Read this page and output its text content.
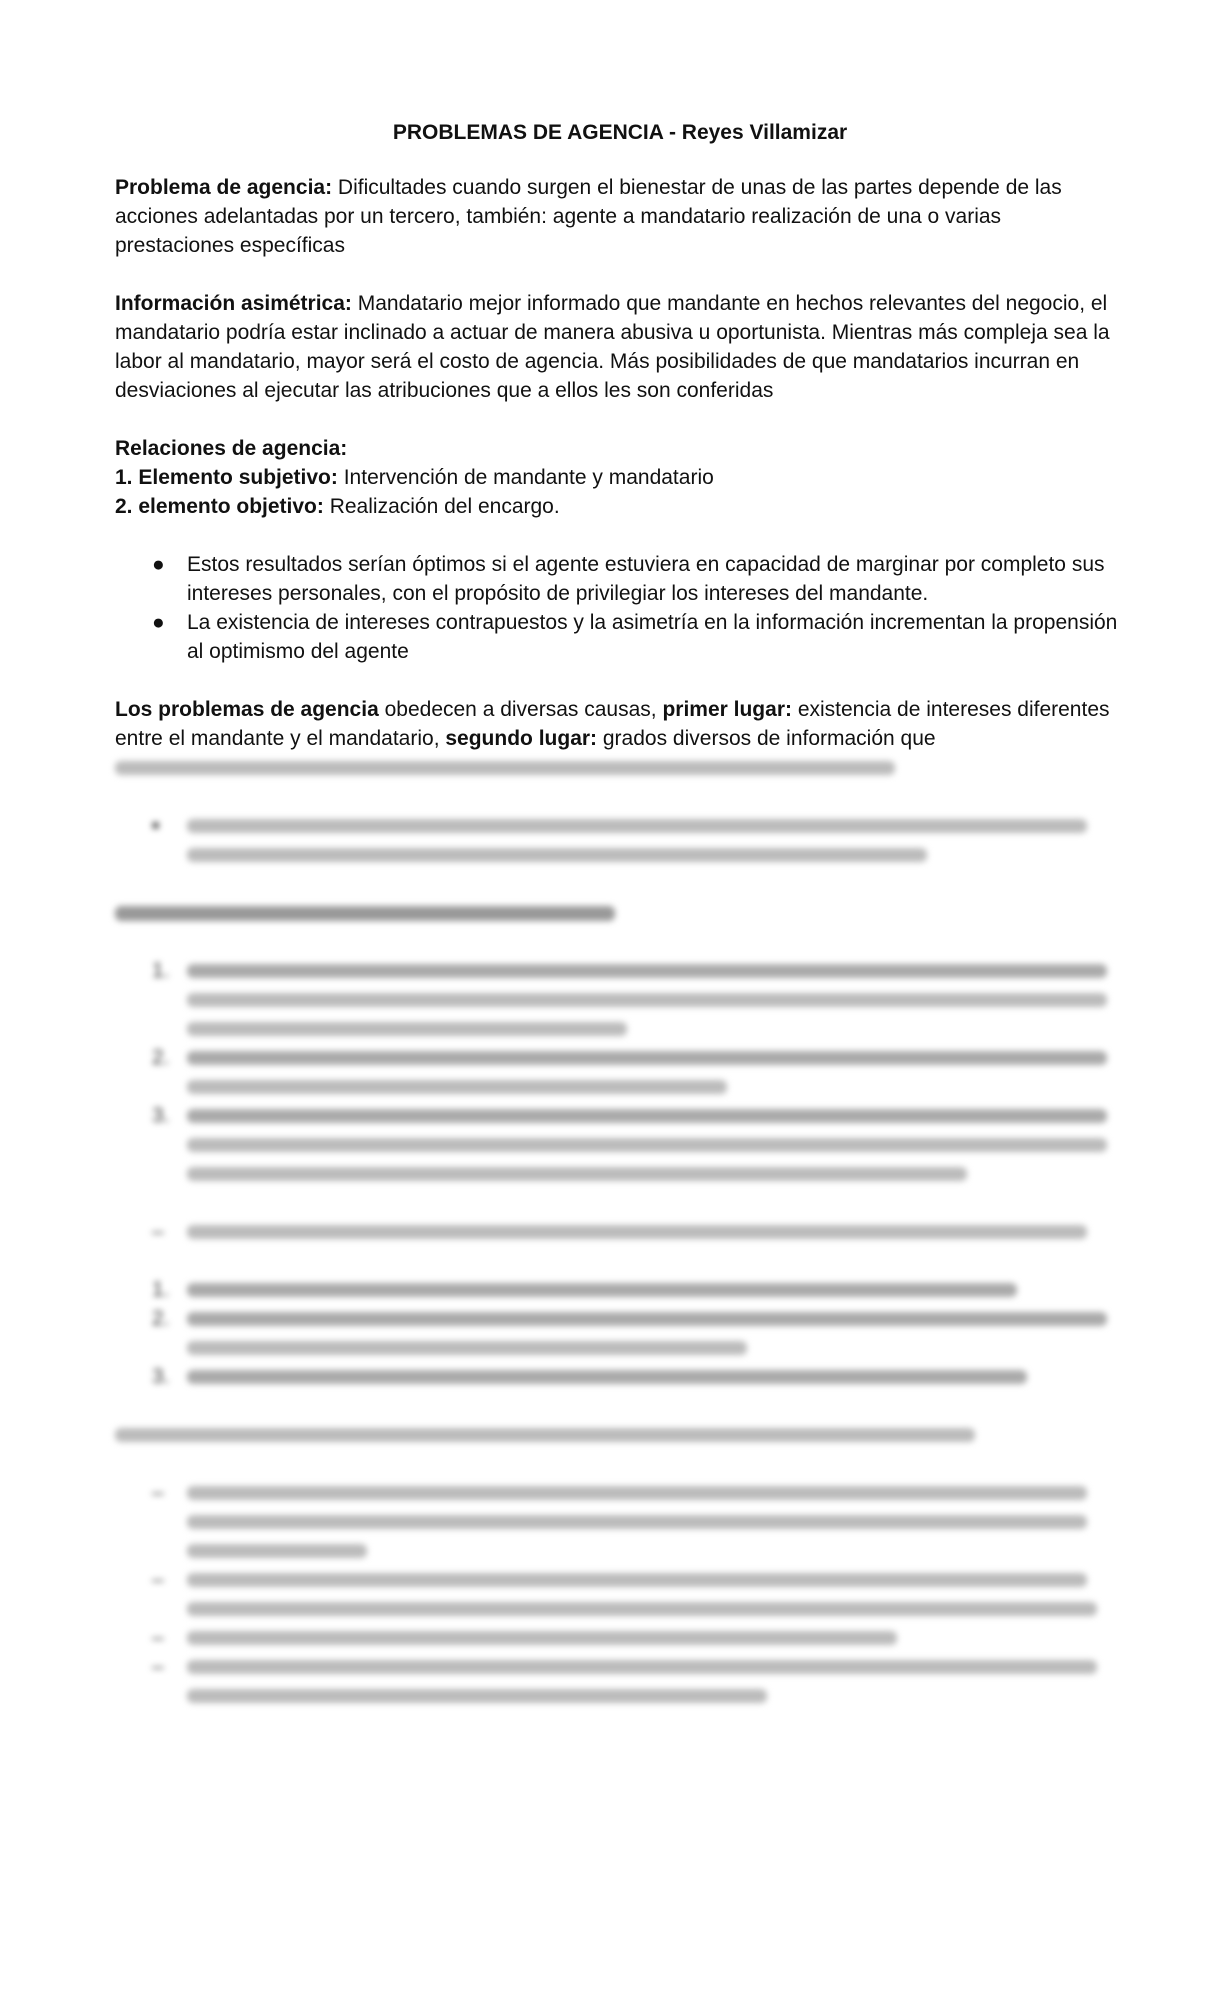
PROBLEMAS DE AGENCIA - Reyes Villamizar

Problema de agencia: Dificultades cuando surgen el bienestar de unas de las partes depende de las acciones adelantadas por un tercero, también: agente a mandatario realización de una o varias prestaciones específicas

Información asimétrica: Mandatario mejor informado que mandante en hechos relevantes del negocio, el mandatario podría estar inclinado a actuar de manera abusiva u oportunista. Mientras más compleja sea la labor al mandatario, mayor será el costo de agencia. Más posibilidades de que mandatarios incurran en desviaciones al ejecutar las atribuciones que a ellos les son conferidas

Relaciones de agencia:

1. Elemento subjetivo: Intervención de mandante y mandatario

2. elemento objetivo: Realización del encargo.

● Estos resultados serían óptimos si el agente estuviera en capacidad de marginar por completo sus intereses personales, con el propósito de privilegiar los intereses del mandante.
● La existencia de intereses contrapuestos y la asimetría en la información incrementan la propensión al optimismo del agente

Los problemas de agencia obedecen a diversas causas, primer lugar: existencia de intereses diferentes entre el mandante y el mandatario, segundo lugar: grados diversos de información que

■

1.

2.

3.

–
1.
2.

3.

–

–

–
–
